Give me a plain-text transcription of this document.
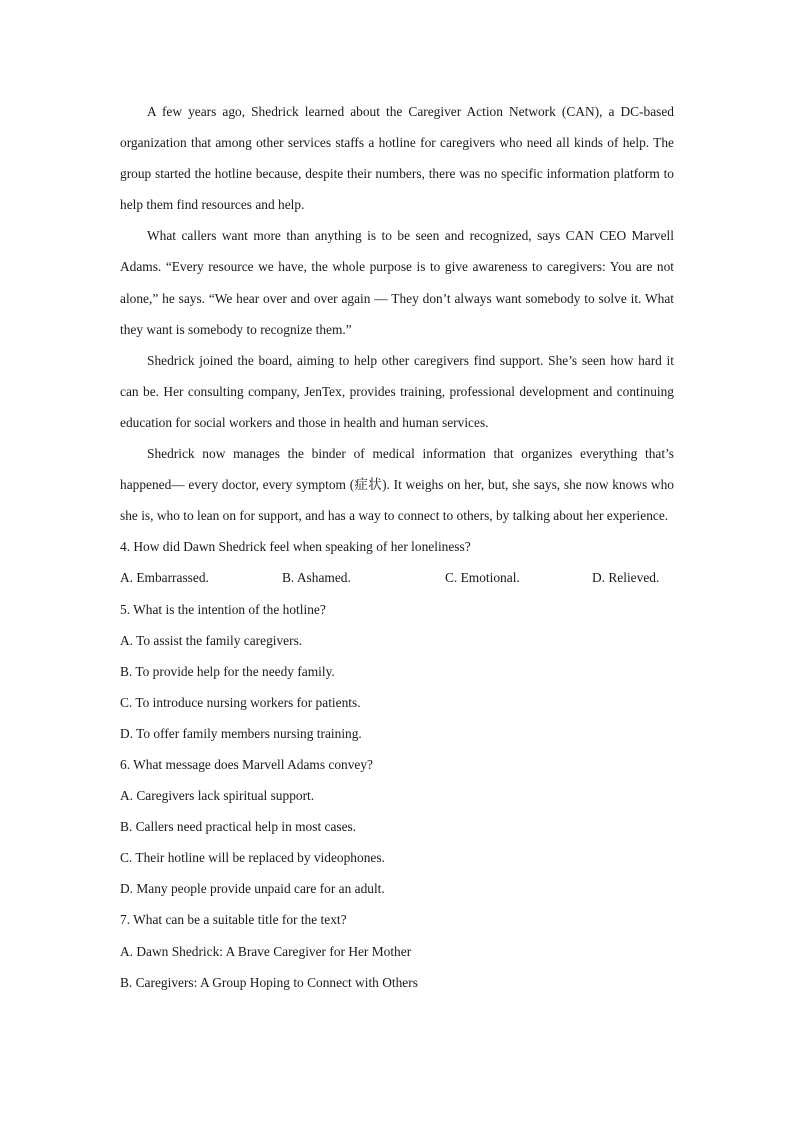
A few years ago, Shedrick learned about the Caregiver Action Network (CAN), a DC-based organization that among other services staffs a hotline for caregivers who need all kinds of help. The group started the hotline because, despite their numbers, there was no specific information platform to help them find resources and help.

What callers want more than anything is to be seen and recognized, says CAN CEO Marvell Adams. “Every resource we have, the whole purpose is to give awareness to caregivers: You are not alone,” he says. “We hear over and over again — They don’t always want somebody to solve it. What they want is somebody to recognize them.”

Shedrick joined the board, aiming to help other caregivers find support. She’s seen how hard it can be. Her consulting company, JenTex, provides training, professional development and continuing education for social workers and those in health and human services.

Shedrick now manages the binder of medical information that organizes everything that’s happened— every doctor, every symptom (症状). It weighs on her, but, she says, she now knows who she is, who to lean on for support, and has a way to connect to others, by talking about her experience.

4. How did Dawn Shedrick feel when speaking of her loneliness?

A. Embarrassed.	B. Ashamed.	C. Emotional.	D. Relieved.

5. What is the intention of the hotline?

A. To assist the family caregivers.

B. To provide help for the needy family.

C. To introduce nursing workers for patients.

D. To offer family members nursing training.

6. What message does Marvell Adams convey?

A. Caregivers lack spiritual support.

B. Callers need practical help in most cases.

C. Their hotline will be replaced by videophones.

D. Many people provide unpaid care for an adult.

7. What can be a suitable title for the text?

A. Dawn Shedrick: A Brave Caregiver for Her Mother

B. Caregivers: A Group Hoping to Connect with Others
